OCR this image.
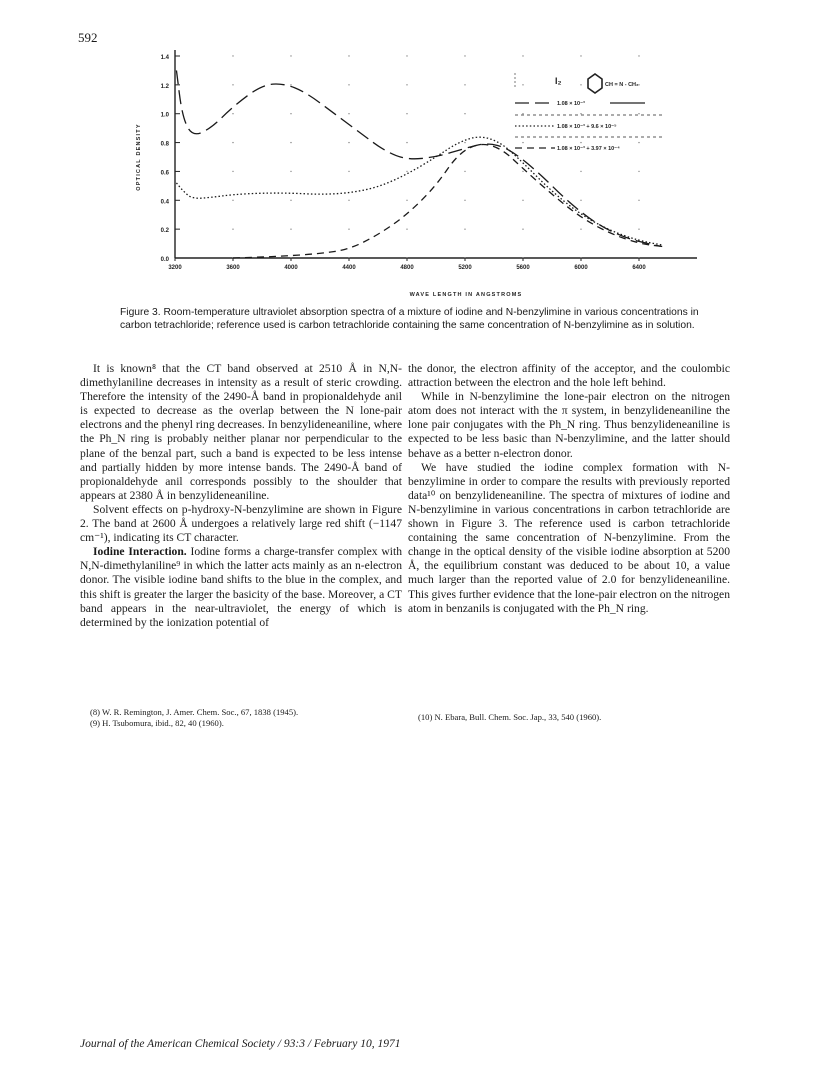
592
0.0
0.2
0.4
0.6
0.8
1.0
1.2
1.4
3200	3600	4000	4400	4800	5200	5600	6000	6400
WAVE LENGTH IN ANGSTROMS
OPTICAL DENSITY
I₂	CH = N - CH₂
1.08 × 10⁻³
1.08 × 10⁻³ + 9.6 × 10⁻⁵
1.08 × 10⁻³ + 3.97 × 10⁻⁴
Figure 3. Room-temperature ultraviolet absorption spectra of a mixture of iodine and N-benzylimine in various concentrations in carbon tetrachloride; reference used is carbon tetrachloride containing the same concentration of N-benzylimine as in solution.

It is known⁸ that the CT band observed at 2510 Å in N,N-dimethylaniline decreases in intensity as a result of steric crowding. Therefore the intensity of the 2490-Å band in propionaldehyde anil is expected to decrease as the overlap between the N lone-pair electrons and the phenyl ring decreases. In benzylideneaniline, where the Ph_N ring is probably neither planar nor perpendicular to the plane of the benzal part, such a band is expected to be less intense and partially hidden by more intense bands. The 2490-Å band of propionaldehyde anil corresponds possibly to the shoulder that appears at 2380 Å in benzylideneaniline.

Solvent effects on p-hydroxy-N-benzylimine are shown in Figure 2. The band at 2600 Å undergoes a relatively large red shift (−1147 cm⁻¹), indicating its CT character.

Iodine Interaction. Iodine forms a charge-transfer complex with N,N-dimethylaniline⁹ in which the latter acts mainly as an n-electron donor. The visible iodine band shifts to the blue in the complex, and this shift is greater the larger the basicity of the base. Moreover, a CT band appears in the near-ultraviolet, the energy of which is determined by the ionization potential of

the donor, the electron affinity of the acceptor, and the coulombic attraction between the electron and the hole left behind.

While in N-benzylimine the lone-pair electron on the nitrogen atom does not interact with the π system, in benzylideneaniline the lone pair conjugates with the Ph_N ring. Thus benzylideneaniline is expected to be less basic than N-benzylimine, and the latter should behave as a better n-electron donor.

We have studied the iodine complex formation with N-benzylimine in order to compare the results with previously reported data¹⁰ on benzylideneaniline. The spectra of mixtures of iodine and N-benzylimine in various concentrations in carbon tetrachloride are shown in Figure 3. The reference used is carbon tetrachloride containing the same concentration of N-benzylimine. From the change in the optical density of the visible iodine absorption at 5200 Å, the equilibrium constant was deduced to be about 10, a value much larger than the reported value of 2.0 for benzylideneaniline. This gives further evidence that the lone-pair electron on the nitrogen atom in benzanils is conjugated with the Ph_N ring.

(8) W. R. Remington, J. Amer. Chem. Soc., 67, 1838 (1945).
(9) H. Tsubomura, ibid., 82, 40 (1960).
(10) N. Ebara, Bull. Chem. Soc. Jap., 33, 540 (1960).
Journal of the American Chemical Society / 93:3 / February 10, 1971
